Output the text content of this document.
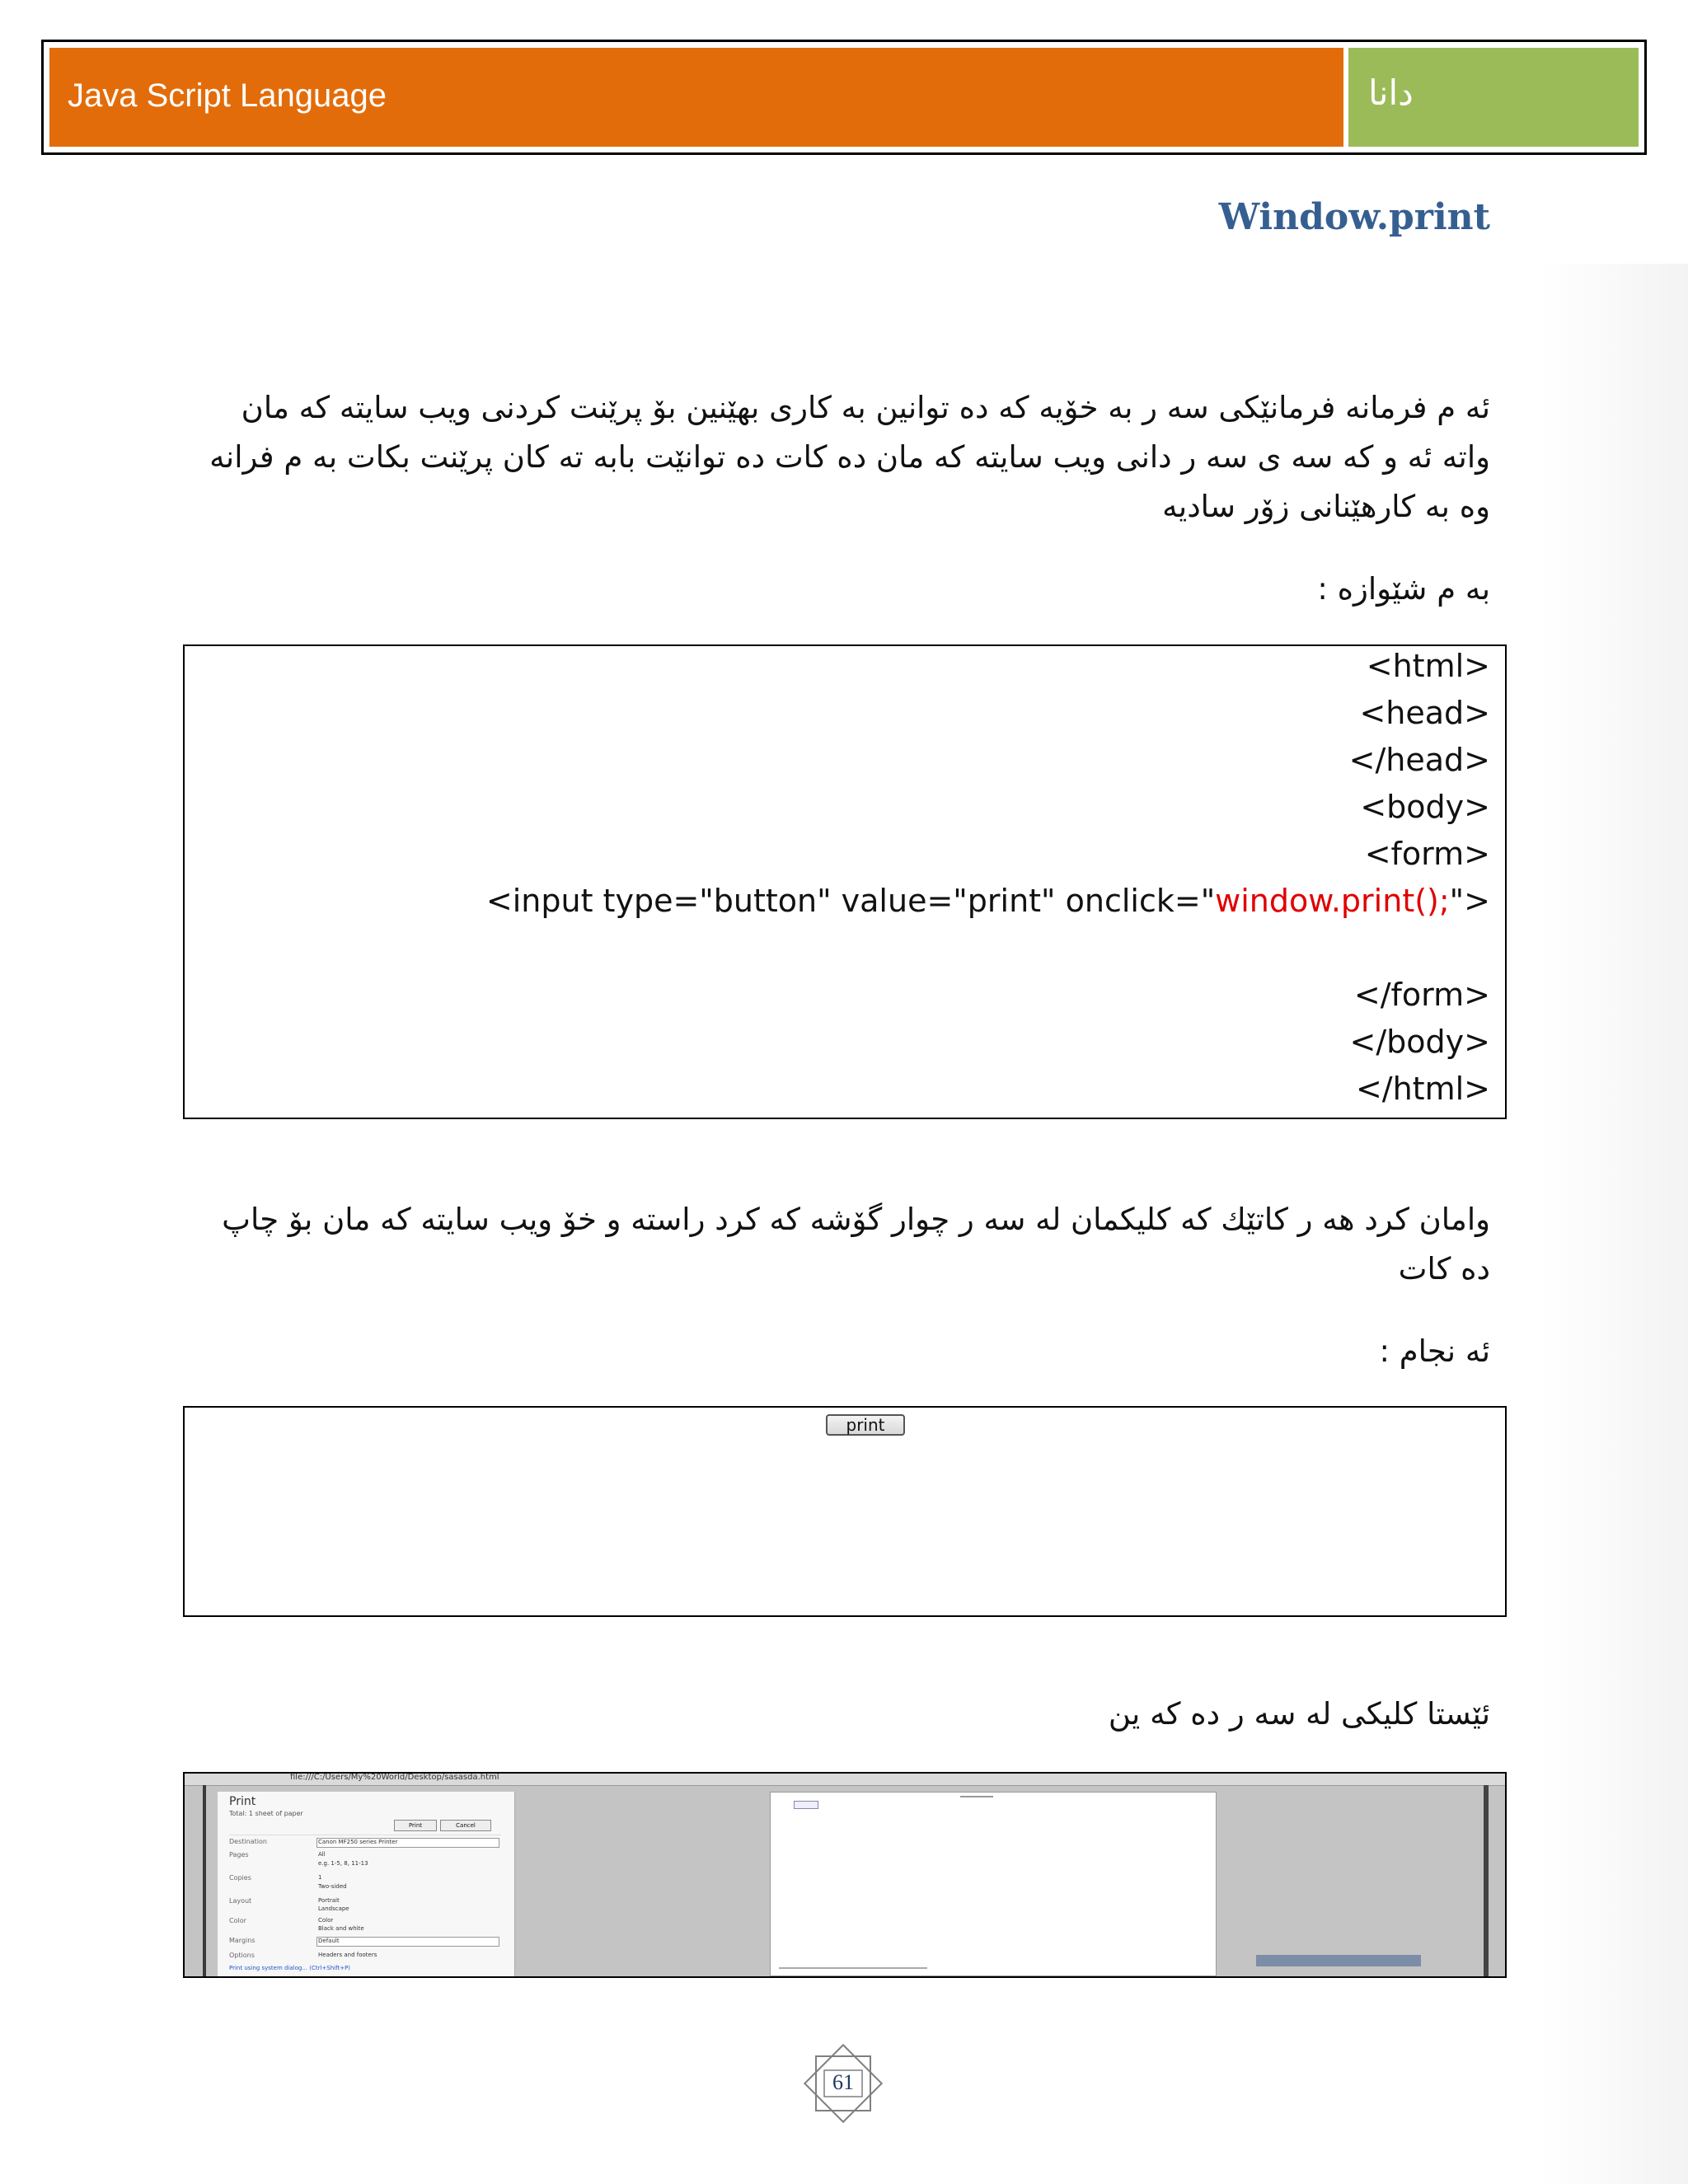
Java Script Language	دانا
Window.print
ئه م فرمانه فرمانێکی سه ر به خۆیه که ده توانین به کاری بهێنین بۆ پرێنت کردنی ویب سایته که مان
واته ئه و که سه ی سه ر دانی ویب سایته که مان ده کات ده توانێت بابه ته کان پرێنت بکات به م فرانه
وه به کارهێنانی زۆر سادیه
به م شێوازه :
<html>
<head>
</head>
<body>
<form>
<input type="button" value="print" onclick="window.print();">
</form>
</body>
</html>
وامان کرد هه ر کاتێك که کلیکمان له سه ر چوار گۆشه که کرد راسته و خۆ ویب سایته که مان بۆ چاپ
ده کات
ئه نجام :
print
ئێستا کلیکی له سه ر ده که ین
file:///C:/Users/My%20World/Desktop/sasasda.html
Print
Total: 1 sheet of paper
Print	Cancel
Destination	Canon MF250 series Printer
Pages	All
e.g. 1-5, 8, 11-13
Copies	1
Two-sided
Layout	Portrait
Landscape
Color	Color
Black and white
Margins	Default
Options	Headers and footers
Print using system dialog... (Ctrl+Shift+P)
61
